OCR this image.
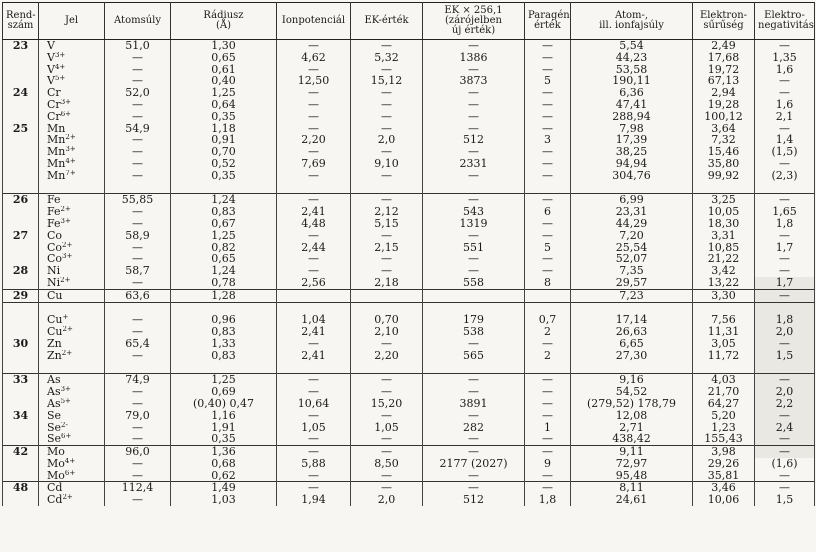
Rend-
szám	Jel	Atomsúly	Rádiusz
(Å)	Ionpotenciál	EK-érték	EK × 256,1
(zárójelben
új érték)	Paragén
érték	Atom-,
ill. ionfajsúly	Elektron-
sűrűség	Elektro-
negativitás
23	V	51,0	1,30	—	—	—	—	5,54	2,49	—
	$V^{3+}$	—	0,65	4,62	5,32	1386	—	44,23	17,68	1,35
	$V^{4+}$	—	0,61	—	—	—	—	53,58	19,72	1,6
	$V^{5+}$	—	0,40	12,50	15,12	3873	5	190,11	67,13	—
24	Cr	52,0	1,25	—	—	—	—	6,36	2,94	—
	$Cr^{3+}$	—	0,64	—	—	—	—	47,41	19,28	1,6
	$Cr^{6+}$	—	0,35	—	—	—	—	288,94	100,12	2,1
25	Mn	54,9	1,18	—	—	—	—	7,98	3,64	—
	$Mn^{2+}$	—	0,91	2,20	2,0	512	3	17,39	7,32	1,4
	$Mn^{3+}$	—	0,70	—	—	—	—	38,25	15,46	(1,5)
	$Mn^{4+}$	—	0,52	7,69	9,10	2331	—	94,94	35,80	—
	$Mn^{7+}$	—	0,35	—	—	—	—	304,76	99,92	(2,3)

26	Fe	55,85	1,24	—	—	—	—	6,99	3,25	—
	$Fe^{2+}$	—	0,83	2,41	2,12	543	6	23,31	10,05	1,65
	$Fe^{3+}$	—	0,67	4,48	5,15	1319	—	44,29	18,30	1,8
27	Co	58,9	1,25	—	—	—	—	7,20	3,31	—
	$Co^{2+}$	—	0,82	2,44	2,15	551	5	25,54	10,85	1,7
	$Co^{3+}$	—	0,65	—	—	—	—	52,07	21,22	—
28	Ni	58,7	1,24	—	—	—	—	7,35	3,42	—
	$Ni^{2+}$	—	0,78	2,56	2,18	558	8	29,57	13,22	1,7
29	Cu	63,6	1,28					7,23	3,30	—

	Cu+	—	0,96	1,04	0,70	179	0,7	17,14	7,56	1,8
	$Cu^{2+}$	—	0,83	2,41	2,10	538	2	26,63	11,31	2,0
30	Zn	65,4	1,33	—	—	—	—	6,65	3,05	—
	$Zn^{2+}$	—	0,83	2,41	2,20	565	2	27,30	11,72	1,5

33	As	74,9	1,25	—	—	—	—	9,16	4,03	—
	$As^{3+}$	—	0,69	—	—	—	—	54,52	21,70	2,0
	$As^{5+}$	—	(0,40) 0,47	10,64	15,20	3891	—	(279,52) 178,79	64,27	2,2
34	Se	79,0	1,16	—	—	—	—	12,08	5,20	—
	$Se^{2-}$	—	1,91	1,05	1,05	282	1	2,71	1,23	2,4
	$Se^{6+}$	—	0,35	—	—	—	—	438,42	155,43	—
42	Mo	96,0	1,36	—	—	—	—	9,11	3,98	—
	$Mo^{4+}$	—	0,68	5,88	8,50	2177 (2027)	9	72,97	29,26	(1,6)
	$Mo^{6+}$	—	0,62	—	—	—	—	95,48	35,81	—
48	Cd	112,4	1,49	—	—	—	—	8,11	3,46	—
	$Cd^{2+}$	—	1,03	1,94	2,0	512	1,8	24,61	10,06	1,5
